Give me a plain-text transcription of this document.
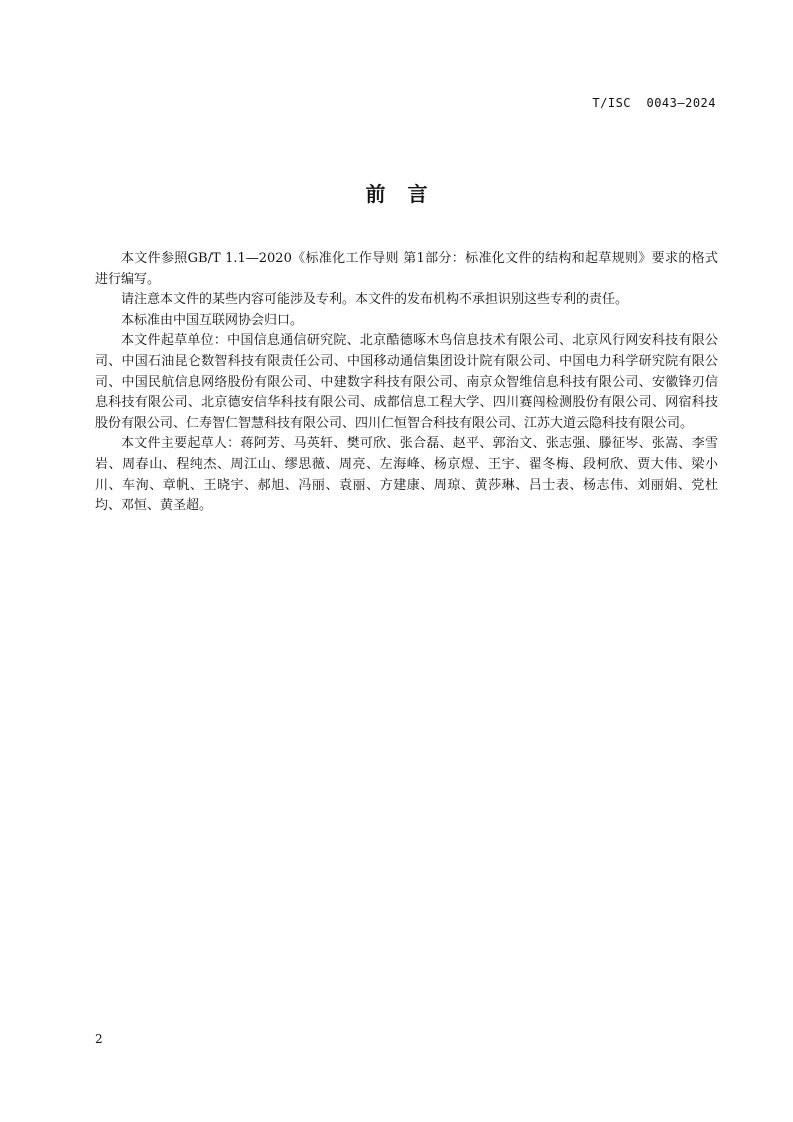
T/ISC  0043—2024
前言

本文件参照GB/T 1.1—2020《标准化工作导则 第1部分：标准化文件的结构和起草规则》要求的格式进行编写。

请注意本文件的某些内容可能涉及专利。本文件的发布机构不承担识别这些专利的责任。

本标准由中国互联网协会归口。

本文件起草单位：中国信息通信研究院、北京酷德啄木鸟信息技术有限公司、北京风行网安科技有限公司、中国石油昆仑数智科技有限责任公司、中国移动通信集团设计院有限公司、中国电力科学研究院有限公司、中国民航信息网络股份有限公司、中建数字科技有限公司、南京众智维信息科技有限公司、安徽锋刃信息科技有限公司、北京德安信华科技有限公司、成都信息工程大学、四川赛闯检测股份有限公司、网宿科技股份有限公司、仁寿智仁智慧科技有限公司、四川仁恒智合科技有限公司、江苏大道云隐科技有限公司。

本文件主要起草人：蒋阿芳、马英轩、樊可欣、张合磊、赵平、郭治文、张志强、滕征岑、张嵩、李雪岩、周春山、程纯杰、周江山、缪思薇、周亮、左海峰、杨京煜、王宇、翟冬梅、段柯欣、贾大伟、梁小川、车洵、章帆、王晓宇、郝旭、冯丽、袁丽、方建康、周琼、黄莎琳、吕士表、杨志伟、刘丽娟、党杜均、邓恒、黄圣超。

2
